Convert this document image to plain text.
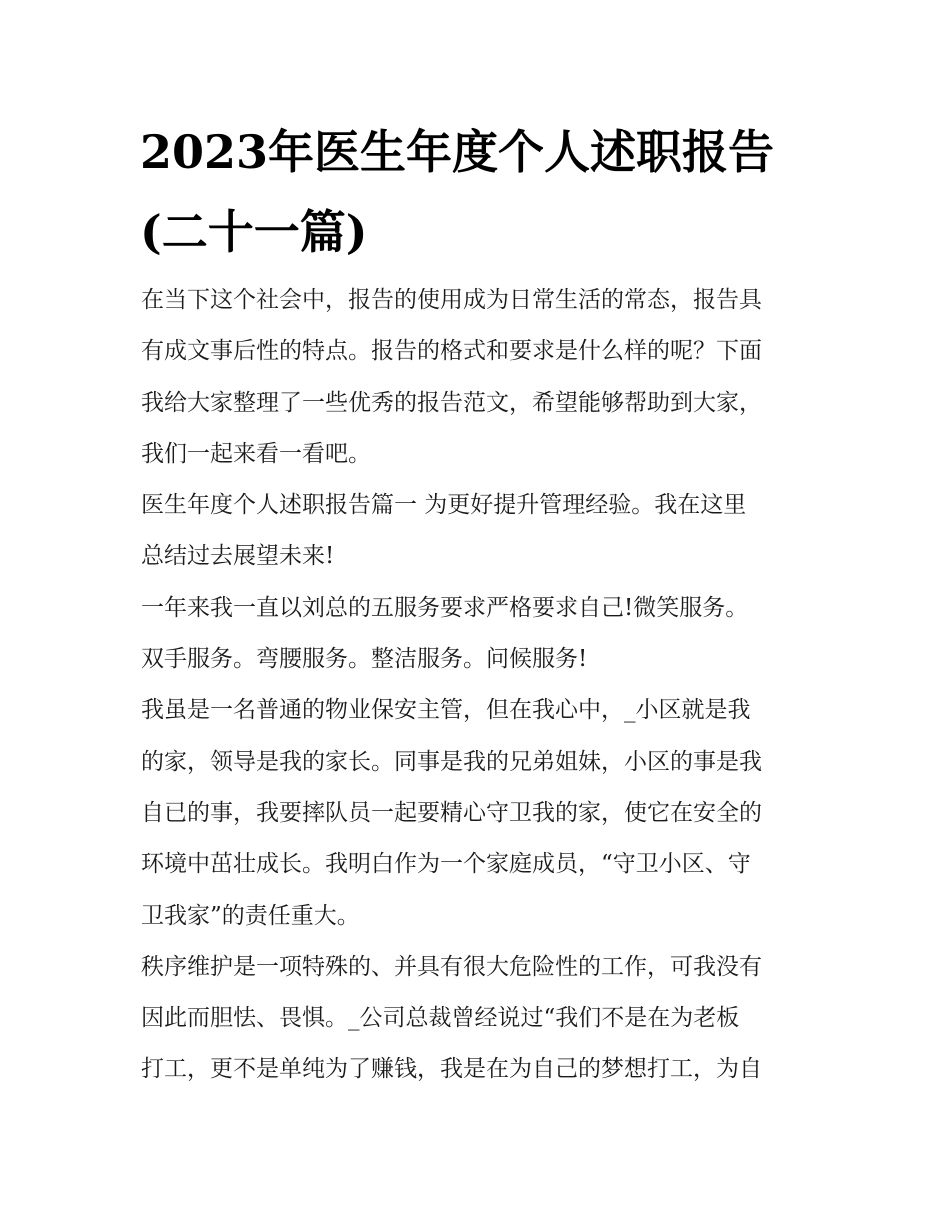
2023年医生年度个人述职报告
(二十一篇)
在当下这个社会中，报告的使用成为日常生活的常态，报告具
有成文事后性的特点。报告的格式和要求是什么样的呢？下面
我给大家整理了一些优秀的报告范文，希望能够帮助到大家，
我们一起来看一看吧。
医生年度个人述职报告篇一 为更好提升管理经验。我在这里
总结过去展望未来!
一年来我一直以刘总的五服务要求严格要求自己!微笑服务。
双手服务。弯腰服务。整洁服务。问候服务!
我虽是一名普通的物业保安主管，但在我心中，_小区就是我
的家，领导是我的家长。同事是我的兄弟姐妹，小区的事是我
自已的事，我要摔队员一起要精心守卫我的家，使它在安全的
环境中茁壮成长。我明白作为一个家庭成员，“守卫小区、守
卫我家”的责任重大。
秩序维护是一项特殊的、并具有很大危险性的工作，可我没有
因此而胆怯、畏惧。_公司总裁曾经说过“我们不是在为老板
打工，更不是单纯为了赚钱，我是在为自己的梦想打工，为自
